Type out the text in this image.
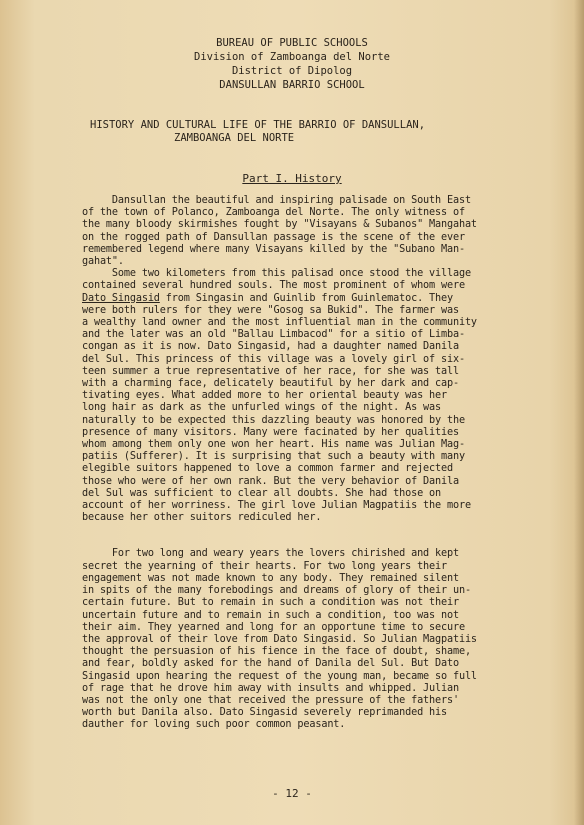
BUREAU OF PUBLIC SCHOOLS
Division of Zamboanga del Norte
District of Dipolog
DANSULLAN BARRIO SCHOOL
HISTORY AND CULTURAL LIFE OF THE BARRIO OF DANSULLAN,
ZAMBOANGA DEL NORTE
Part I. History
Dansullan the beautiful and inspiring palisade on South East
of the town of Polanco, Zamboanga del Norte. The only witness of
the many bloody skirmishes fought by "Visayans & Subanos" Mangahat
on the rogged path of Dansullan passage is the scene of the ever
remembered legend where many Visayans killed by the "Subano Man-
gahat".
Some two kilometers from this palisad once stood the village
contained several hundred souls. The most prominent of whom were
Dato Singasid from Singasin and Guinlib from Guinlematoc. They
were both rulers for they were "Gosog sa Bukid". The farmer was
a wealthy land owner and the most influential man in the community
and the later was an old "Ballau Limbacod" for a sitio of Limba-
congan as it is now. Dato Singasid, had a daughter named Danila
del Sul. This princess of this village was a lovely girl of six-
teen summer a true representative of her race, for she was tall
with a charming face, delicately beautiful by her dark and cap-
tivating eyes. What added more to her oriental beauty was her
long hair as dark as the unfurled wings of the night. As was
naturally to be expected this dazzling beauty was honored by the
presence of many visitors. Many were facinated by her qualities
whom among them only one won her heart. His name was Julian Mag-
patiis (Sufferer). It is surprising that such a beauty with many
elegible suitors happened to love a common farmer and rejected
those who were of her own rank. But the very behavior of Danila
del Sul was sufficient to clear all doubts. She had those on
account of her worriness. The girl love Julian Magpatiis the more
because her other suitors rediculed her.
For two long and weary years the lovers chirished and kept
secret the yearning of their hearts. For two long years their
engagement was not made known to any body. They remained silent
in spits of the many forebodings and dreams of glory of their un-
certain future. But to remain in such a condition was not their
uncertain future and to remain in such a condition, too was not
their aim. They yearned and long for an opportune time to secure
the approval of their love from Dato Singasid. So Julian Magpatiis
thought the persuasion of his fience in the face of doubt, shame,
and fear, boldly asked for the hand of Danila del Sul. But Dato
Singasid upon hearing the request of the young man, became so full
of rage that he drove him away with insults and whipped. Julian
was not the only one that received the pressure of the fathers'
worth but Danila also. Dato Singasid severely reprimanded his
dauther for loving such poor common peasant.
- 12 -
